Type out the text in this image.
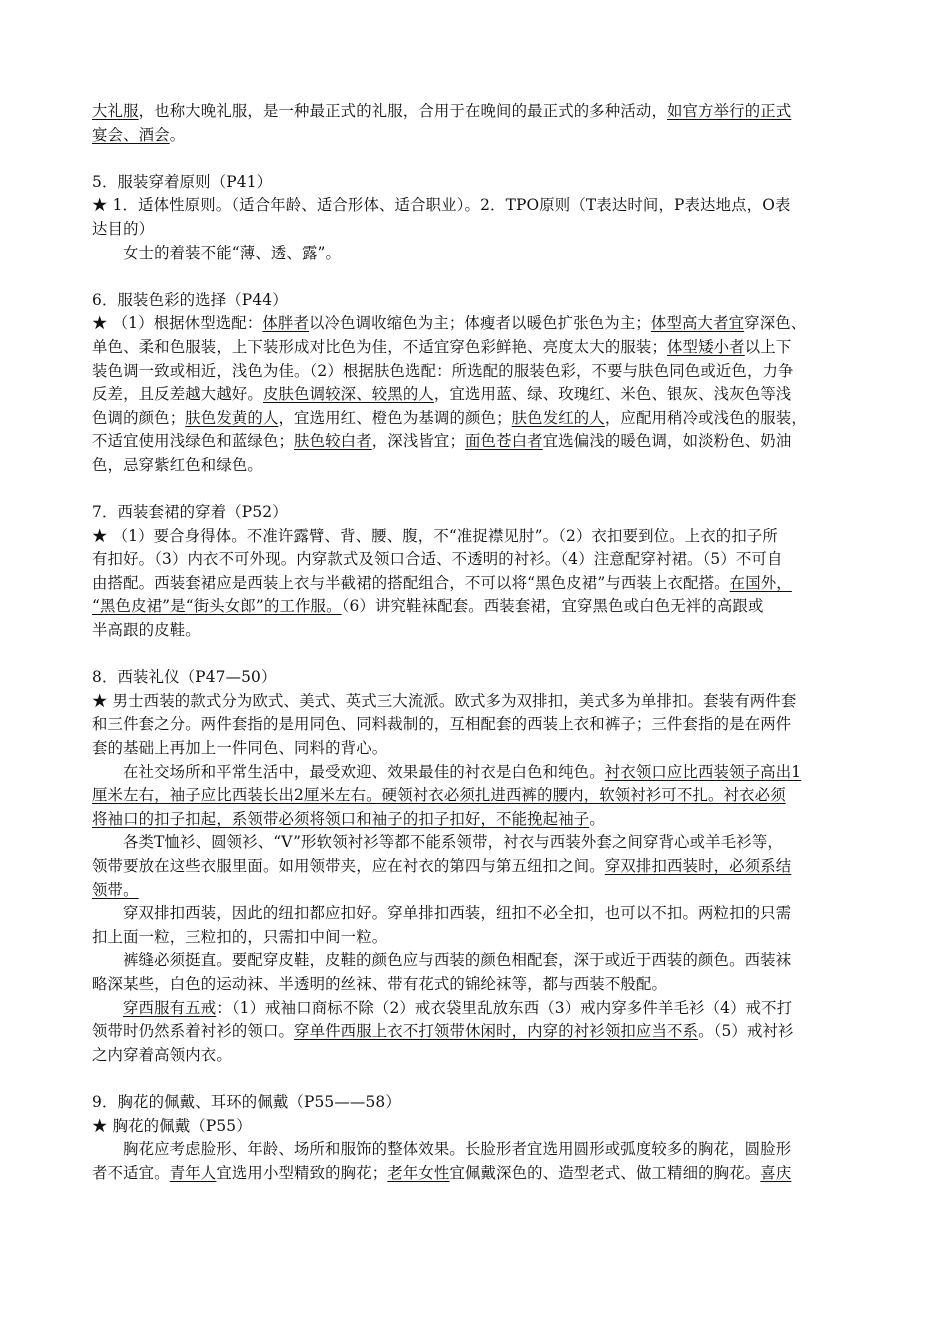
大礼服，也称大晚礼服，是一种最正式的礼服，合用于在晚间的最正式的多种活动，如官方举行的正式
宴会、酒会。
5．服装穿着原则（P41）
★ 1．适体性原则。（适合年龄、适合形体、适合职业）。2．TPO原则（T表达时间，P表达地点，O表
达目的）
女士的着装不能“薄、透、露”。
6．服装色彩的选择（P44）
★ （1）根据休型选配：体胖者以冷色调收缩色为主；体瘦者以暖色扩张色为主；体型高大者宜穿深色、
单色、柔和色服装，上下装形成对比色为佳，不适宜穿色彩鲜艳、亮度太大的服装；体型矮小者以上下
装色调一致或相近，浅色为佳。（2）根据肤色选配：所选配的服装色彩，不要与肤色同色或近色，力争
反差，且反差越大越好。皮肤色调较深、较黑的人，宜选用蓝、绿、玫瑰红、米色、银灰、浅灰色等浅
色调的颜色；肤色发黄的人，宜选用红、橙色为基调的颜色；肤色发红的人，应配用稍冷或浅色的服装，
不适宜使用浅绿色和蓝绿色；肤色较白者，深浅皆宜；面色苍白者宜选偏浅的暖色调，如淡粉色、奶油
色，忌穿紫红色和绿色。
7．西装套裙的穿着（P52）
★ （1）要合身得体。不准许露臂、背、腰、腹，不“准捉襟见肘”。（2）衣扣要到位。上衣的扣子所
有扣好。（3）内衣不可外现。内穿款式及领口合适、不透明的衬衫。（4）注意配穿衬裙。（5）不可自
由搭配。西装套裙应是西装上衣与半截裙的搭配组合，不可以将“黑色皮裙”与西装上衣配搭。在国外，
“黑色皮裙”是“街头女郎”的工作服。（6）讲究鞋袜配套。西装套裙，宜穿黑色或白色无袢的高跟或
半高跟的皮鞋。
8．西装礼仪（P47—50）
★ 男士西装的款式分为欧式、美式、英式三大流派。欧式多为双排扣，美式多为单排扣。套装有两件套
和三件套之分。两件套指的是用同色、同料裁制的，互相配套的西装上衣和裤子；三件套指的是在两件
套的基础上再加上一件同色、同料的背心。
在社交场所和平常生活中，最受欢迎、效果最佳的衬衣是白色和纯色。衬衣领口应比西装领子高出1
厘米左右，袖子应比西装长出2厘米左右。硬领衬衣必须扎进西裤的腰内，软领衬衫可不扎。衬衣必须
将袖口的扣子扣起，系领带必须将领口和袖子的扣子扣好，不能挽起袖子。
各类T恤衫、圆领衫、“V”形软领衬衫等都不能系领带，衬衣与西装外套之间穿背心或羊毛衫等，
领带要放在这些衣服里面。如用领带夹，应在衬衣的第四与第五纽扣之间。穿双排扣西装时，必须系结
领带。
穿双排扣西装，因此的纽扣都应扣好。穿单排扣西装，纽扣不必全扣，也可以不扣。两粒扣的只需
扣上面一粒，三粒扣的，只需扣中间一粒。
裤缝必须挺直。要配穿皮鞋，皮鞋的颜色应与西装的颜色相配套，深于或近于西装的颜色。西装袜
略深某些，白色的运动袜、半透明的丝袜、带有花式的锦纶袜等，都与西装不般配。
穿西服有五戒：（1）戒袖口商标不除（2）戒衣袋里乱放东西（3）戒内穿多件羊毛衫（4）戒不打
领带时仍然系着衬衫的领口。穿单件西服上衣不打领带休闲时，内穿的衬衫领扣应当不系。（5）戒衬衫
之内穿着高领内衣。
9．胸花的佩戴、耳环的佩戴（P55——58）
★ 胸花的佩戴（P55）
胸花应考虑脸形、年龄、场所和服饰的整体效果。长脸形者宜选用圆形或弧度较多的胸花，圆脸形
者不适宜。青年人宜选用小型精致的胸花；老年女性宜佩戴深色的、造型老式、做工精细的胸花。喜庆
